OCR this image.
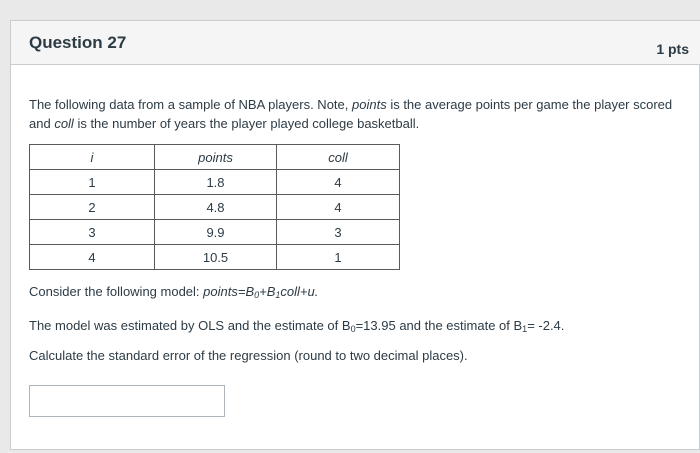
Question 27	1 pts
The following data from a sample of NBA players. Note, points is the average points per game the player scored and coll is the number of years the player played college basketball.
i	points	coll
1	1.8	4
2	4.8	4
3	9.9	3
4	10.5	1
Consider the following model: $points=B_0+B_1coll+u$.
The model was estimated by OLS and the estimate of $B_0=13.95$ and the estimate of $B_1= -2.4$.
Calculate the standard error of the regression (round to two decimal places).
